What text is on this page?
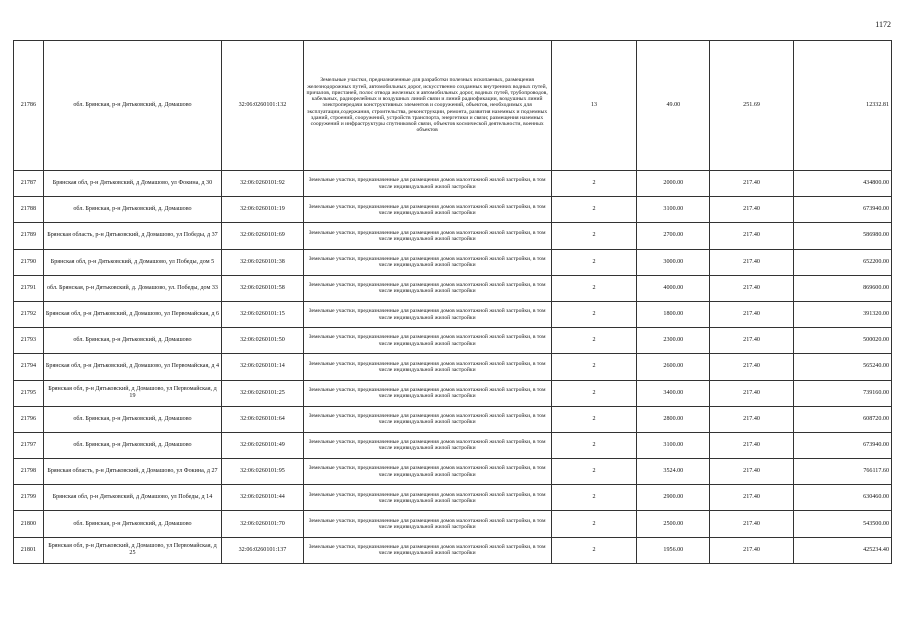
1172
21786	обл. Брянская, р-н Дятьковский, д. Домашово	32:06:0260101:132	Земельные участки, предназначенные для разработки полезных ископаемых, размещения железнодорожных путей, автомобильных дорог, искусственно созданных внутренних водных путей, причалов, пристаней, полос отвода железных и автомобильных дорог, водных путей, трубопроводов, кабельных, радиорелейных и воздушных линий связи и линий радиофикации, воздушных линий электропередачи конструктивных элементов и сооружений, объектов, необходимых для эксплуатации,содержания, строительства, реконструкции, ремонта, развития наземных и подземных зданий, строений, сооружений, устройств транспорта, энергетики и связи; размещения наземных сооружений и инфраструктуры спутниковой связи, объектов космической деятельности, военных объектов	13	49.00	251.69	12332.81
21787	Брянская обл, р-н Дятьковский, д Домашово, ул Фокина, д 30	32:06:0260101:92	Земельные участки, предназначенные для размещения домов малоэтажной жилой застройки, в том числе индивидуальной жилой застройки	2	2000.00	217.40	434800.00
21788	обл. Брянская, р-н Дятьковский, д. Домашово	32:06:0260101:19	Земельные участки, предназначенные для размещения домов малоэтажной жилой застройки, в том числе индивидуальной жилой застройки	2	3100.00	217.40	673940.00
21789	Брянская область, р-н Дятьковский, д Домашово, ул Победы, д 37	32:06:0260101:69	Земельные участки, предназначенные для размещения домов малоэтажной жилой застройки, в том числе индивидуальной жилой застройки	2	2700.00	217.40	586980.00
21790	Брянская обл, р-н Дятьковский, д Домашово, ул Победы, дом 5	32:06:0260101:38	Земельные участки, предназначенные для размещения домов малоэтажной жилой застройки, в том числе индивидуальной жилой застройки	2	3000.00	217.40	652200.00
21791	обл. Брянская, р-н Дятьковский, д. Домашово, ул. Победы, дом 33	32:06:0260101:58	Земельные участки, предназначенные для размещения домов малоэтажной жилой застройки, в том числе индивидуальной жилой застройки	2	4000.00	217.40	869600.00
21792	Брянская обл, р-н Дятьковский, д Домашово, ул Первомайская, д 6	32:06:0260101:15	Земельные участки, предназначенные для размещения домов малоэтажной жилой застройки, в том числе индивидуальной жилой застройки	2	1800.00	217.40	391320.00
21793	обл. Брянская, р-н Дятьковский, д. Домашово	32:06:0260101:50	Земельные участки, предназначенные для размещения домов малоэтажной жилой застройки, в том числе индивидуальной жилой застройки	2	2300.00	217.40	500020.00
21794	Брянская обл, р-н Дятьковский, д Домашово, ул Первомайская, д 4	32:06:0260101:14	Земельные участки, предназначенные для размещения домов малоэтажной жилой застройки, в том числе индивидуальной жилой застройки	2	2600.00	217.40	565240.00
21795	Брянская обл, р-н Дятьковский, д Домашово, ул Первомайская, д 19	32:06:0260101:25	Земельные участки, предназначенные для размещения домов малоэтажной жилой застройки, в том числе индивидуальной жилой застройки	2	3400.00	217.40	739160.00
21796	обл. Брянская, р-н Дятьковский, д. Домашово	32:06:0260101:64	Земельные участки, предназначенные для размещения домов малоэтажной жилой застройки, в том числе индивидуальной жилой застройки	2	2800.00	217.40	608720.00
21797	обл. Брянская, р-н Дятьковский, д. Домашово	32:06:0260101:49	Земельные участки, предназначенные для размещения домов малоэтажной жилой застройки, в том числе индивидуальной жилой застройки	2	3100.00	217.40	673940.00
21798	Брянская область, р-н Дятьковский, д Домашово, ул Фокина, д 27	32:06:0260101:95	Земельные участки, предназначенные для размещения домов малоэтажной жилой застройки, в том числе индивидуальной жилой застройки	2	3524.00	217.40	766117.60
21799	Брянская обл, р-н Дятьковский, д Домашово, ул Победы, д 14	32:06:0260101:44	Земельные участки, предназначенные для размещения домов малоэтажной жилой застройки, в том числе индивидуальной жилой застройки	2	2900.00	217.40	630460.00
21800	обл. Брянская, р-н Дятьковский, д. Домашово	32:06:0260101:70	Земельные участки, предназначенные для размещения домов малоэтажной жилой застройки, в том числе индивидуальной жилой застройки	2	2500.00	217.40	543500.00
21801	Брянская обл, р-н Дятьковский, д Домашово, ул Первомайская, д 25	32:06:0260101:137	Земельные участки, предназначенные для размещения домов малоэтажной жилой застройки, в том числе индивидуальной жилой застройки	2	1956.00	217.40	425234.40
